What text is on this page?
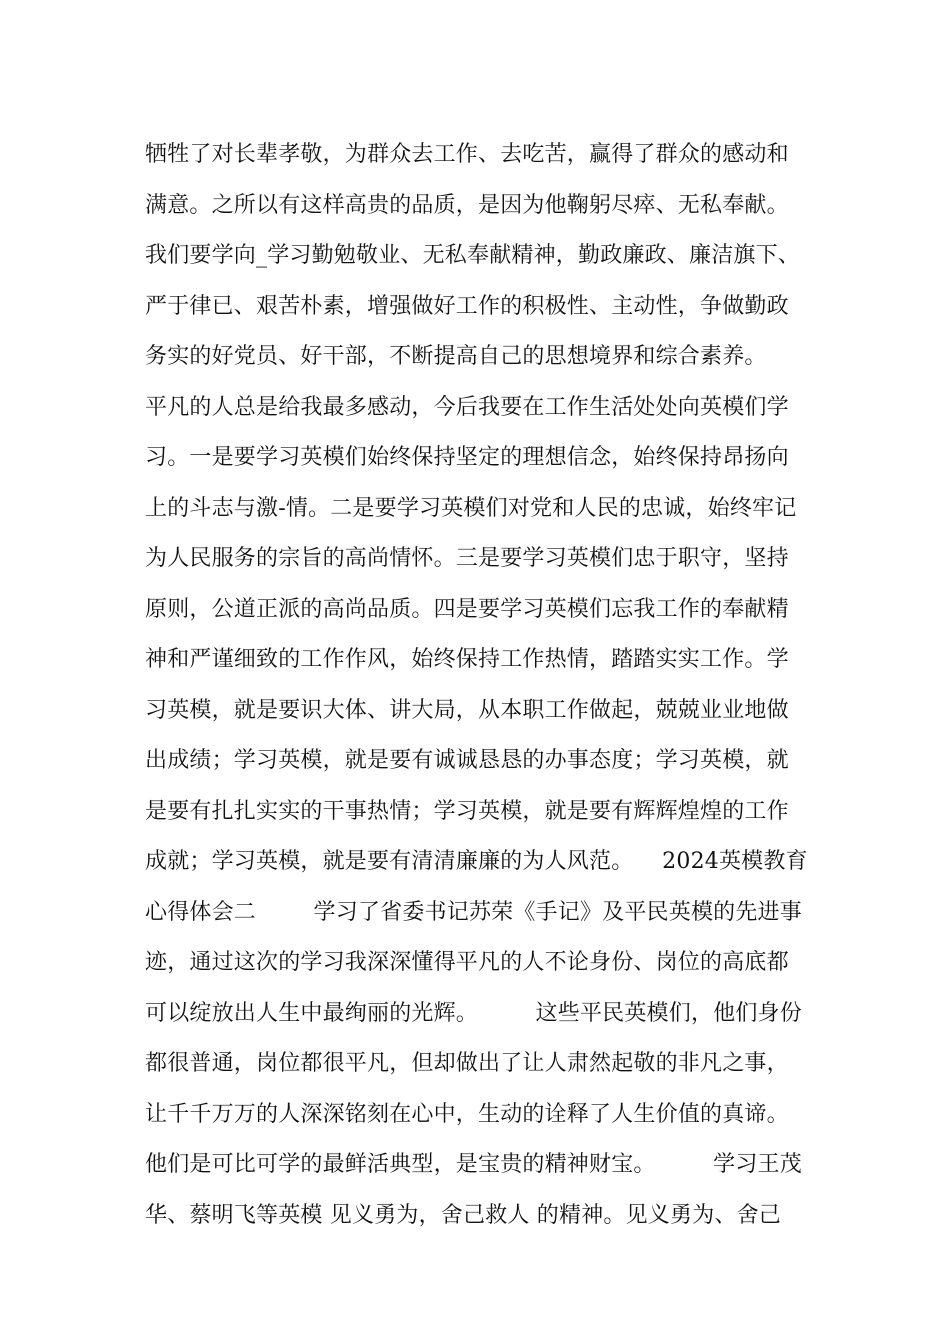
牺牲了对长辈孝敬，为群众去工作、去吃苦，赢得了群众的感动和
满意。之所以有这样高贵的品质，是因为他鞠躬尽瘁、无私奉献。
我们要学向_学习勤勉敬业、无私奉献精神，勤政廉政、廉洁旗下、
严于律已、艰苦朴素，增强做好工作的积极性、主动性，争做勤政
务实的好党员、好干部，不断提高自己的思想境界和综合素养。
平凡的人总是给我最多感动，今后我要在工作生活处处向英模们学
习。一是要学习英模们始终保持坚定的理想信念，始终保持昂扬向
上的斗志与激-情。二是要学习英模们对党和人民的忠诚，始终牢记
为人民服务的宗旨的高尚情怀。三是要学习英模们忠于职守，坚持
原则，公道正派的高尚品质。四是要学习英模们忘我工作的奉献精
神和严谨细致的工作作风，始终保持工作热情，踏踏实实工作。学
习英模，就是要识大体、讲大局，从本职工作做起，兢兢业业地做
出成绩；学习英模，就是要有诚诚恳恳的办事态度；学习英模，就
是要有扎扎实实的干事热情；学习英模，就是要有辉辉煌煌的工作
成就；学习英模，就是要有清清廉廉的为人风范。    2024英模教育
心得体会二        学习了省委书记苏荣《手记》及平民英模的先进事
迹，通过这次的学习我深深懂得平凡的人不论身份、岗位的高底都
可以绽放出人生中最绚丽的光辉。        这些平民英模们，他们身份
都很普通，岗位都很平凡，但却做出了让人肃然起敬的非凡之事，
让千千万万的人深深铭刻在心中，生动的诠释了人生价值的真谛。
他们是可比可学的最鲜活典型，是宝贵的精神财宝。        学习王茂
华、蔡明飞等英模 见义勇为，舍己救人 的精神。见义勇为、舍己
